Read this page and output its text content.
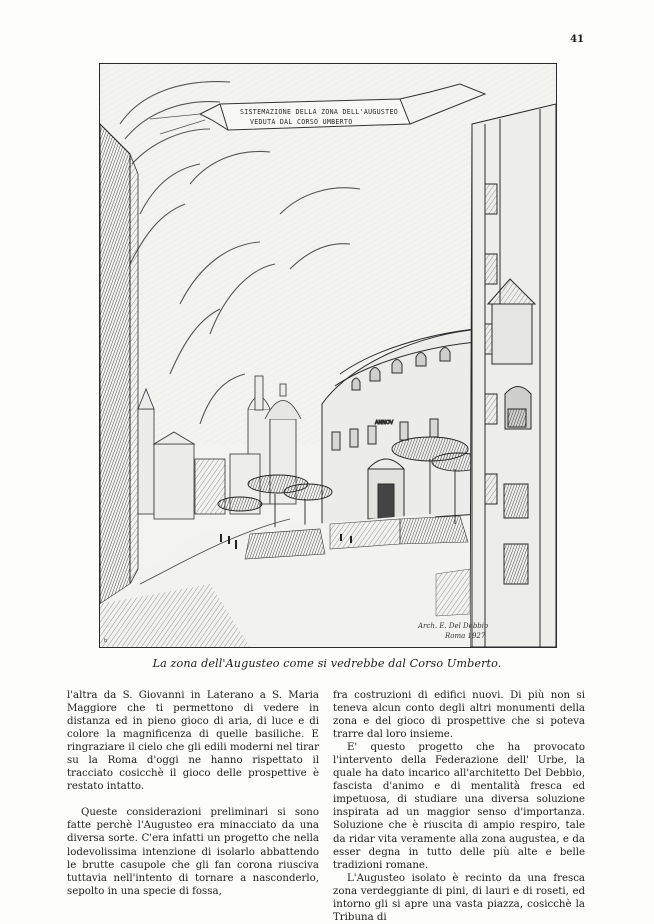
41
SISTEMAZIONE DELLA ZONA DELL'AUGUSTEO
VEDUTA DAL CORSO UMBERTO
ANNOV
Arch. E. Del Debbio
Roma 1927
b
La zona dell'Augusteo come si vedrebbe dal Corso Umberto.

l'altra da S. Giovanni in Laterano a S. Maria Maggiore che ti permettono di vedere in distanza ed in pieno gioco di aria, di luce e di colore la magnificenza di quelle basiliche. E ringraziare il cielo che gli edili moderni nel tirar su la Roma d'oggi ne hanno rispettato il tracciato cosicchè il gioco delle prospettive è restato intatto.

Queste considerazioni preliminari si sono fatte perchè l'Augusteo era minacciato da una diversa sorte. C'era infatti un progetto che nella lodevolissima intenzione di isolarlo abbattendo le brutte casupole che gli fan corona riusciva tuttavia nell'intento di tornare a nasconderlo, sepolto in una specie di fossa,

fra costruzioni di edifici nuovi. Di più non si teneva alcun conto degli altri monumenti della zona e del gioco di prospettive che si poteva trarre dal loro insieme.

E' questo progetto che ha provocato l'intervento della Federazione dell' Urbe, la quale ha dato incarico all'architetto Del Debbio, fascista d'animo e di mentalità fresca ed impetuosa, di studiare una diversa soluzione inspirata ad un maggior senso d'importanza. Soluzione che è riuscita di ampio respiro, tale da ridar vita veramente alla zona augustea, e da esser degna in tutto delle più alte e belle tradizioni romane.

L'Augusteo isolato è recinto da una fresca zona verdeggiante di pini, di lauri e di roseti, ed intorno gli si apre una vasta piazza, cosicchè la Tribuna di
